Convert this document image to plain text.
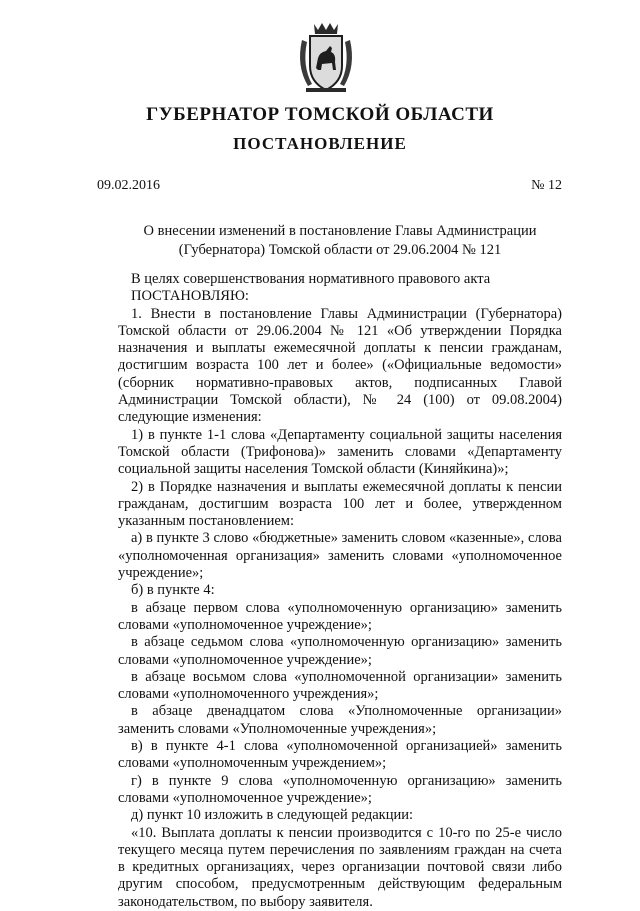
ГУБЕРНАТОР ТОМСКОЙ ОБЛАСТИ
ПОСТАНОВЛЕНИЕ
09.02.2016	№ 12
О внесении изменений в постановление Главы Администрации
(Губернатора) Томской области от 29.06.2004 № 121

В целях совершенствования нормативного правового акта

ПОСТАНОВЛЯЮ:

1. Внести в постановление Главы Администрации (Губернатора) Томской области от 29.06.2004 № 121 «Об утверждении Порядка назначения и выплаты ежемесячной доплаты к пенсии гражданам, достигшим возраста 100 лет и более» («Официальные ведомости» (сборник нормативно-правовых актов, подписанных Главой Администрации Томской области), № 24 (100) от 09.08.2004) следующие изменения:

1) в пункте 1-1 слова «Департаменту социальной защиты населения Томской области (Трифонова)» заменить словами «Департаменту социальной защиты населения Томской области (Киняйкина)»;

2) в Порядке назначения и выплаты ежемесячной доплаты к пенсии гражданам, достигшим возраста 100 лет и более, утвержденном указанным постановлением:

а) в пункте 3 слово «бюджетные» заменить словом «казенные», слова «уполномоченная организация» заменить словами «уполномоченное учреждение»;

б) в пункте 4:

в абзаце первом слова «уполномоченную организацию» заменить словами «уполномоченное учреждение»;

в абзаце седьмом слова «уполномоченную организацию» заменить словами «уполномоченное учреждение»;

в абзаце восьмом слова «уполномоченной организации» заменить словами «уполномоченного учреждения»;

в абзаце двенадцатом слова «Уполномоченные организации» заменить словами «Уполномоченные учреждения»;

в) в пункте 4-1 слова «уполномоченной организацией» заменить словами «уполномоченным учреждением»;

г) в пункте 9 слова «уполномоченную организацию» заменить словами «уполномоченное учреждение»;

д) пункт 10 изложить в следующей редакции:

«10. Выплата доплаты к пенсии производится с 10-го по 25-е число текущего месяца путем перечисления по заявлениям граждан на счета в кредитных организациях, через организации почтовой связи либо другим способом, предусмотренным действующим федеральным законодательством, по выбору заявителя.
